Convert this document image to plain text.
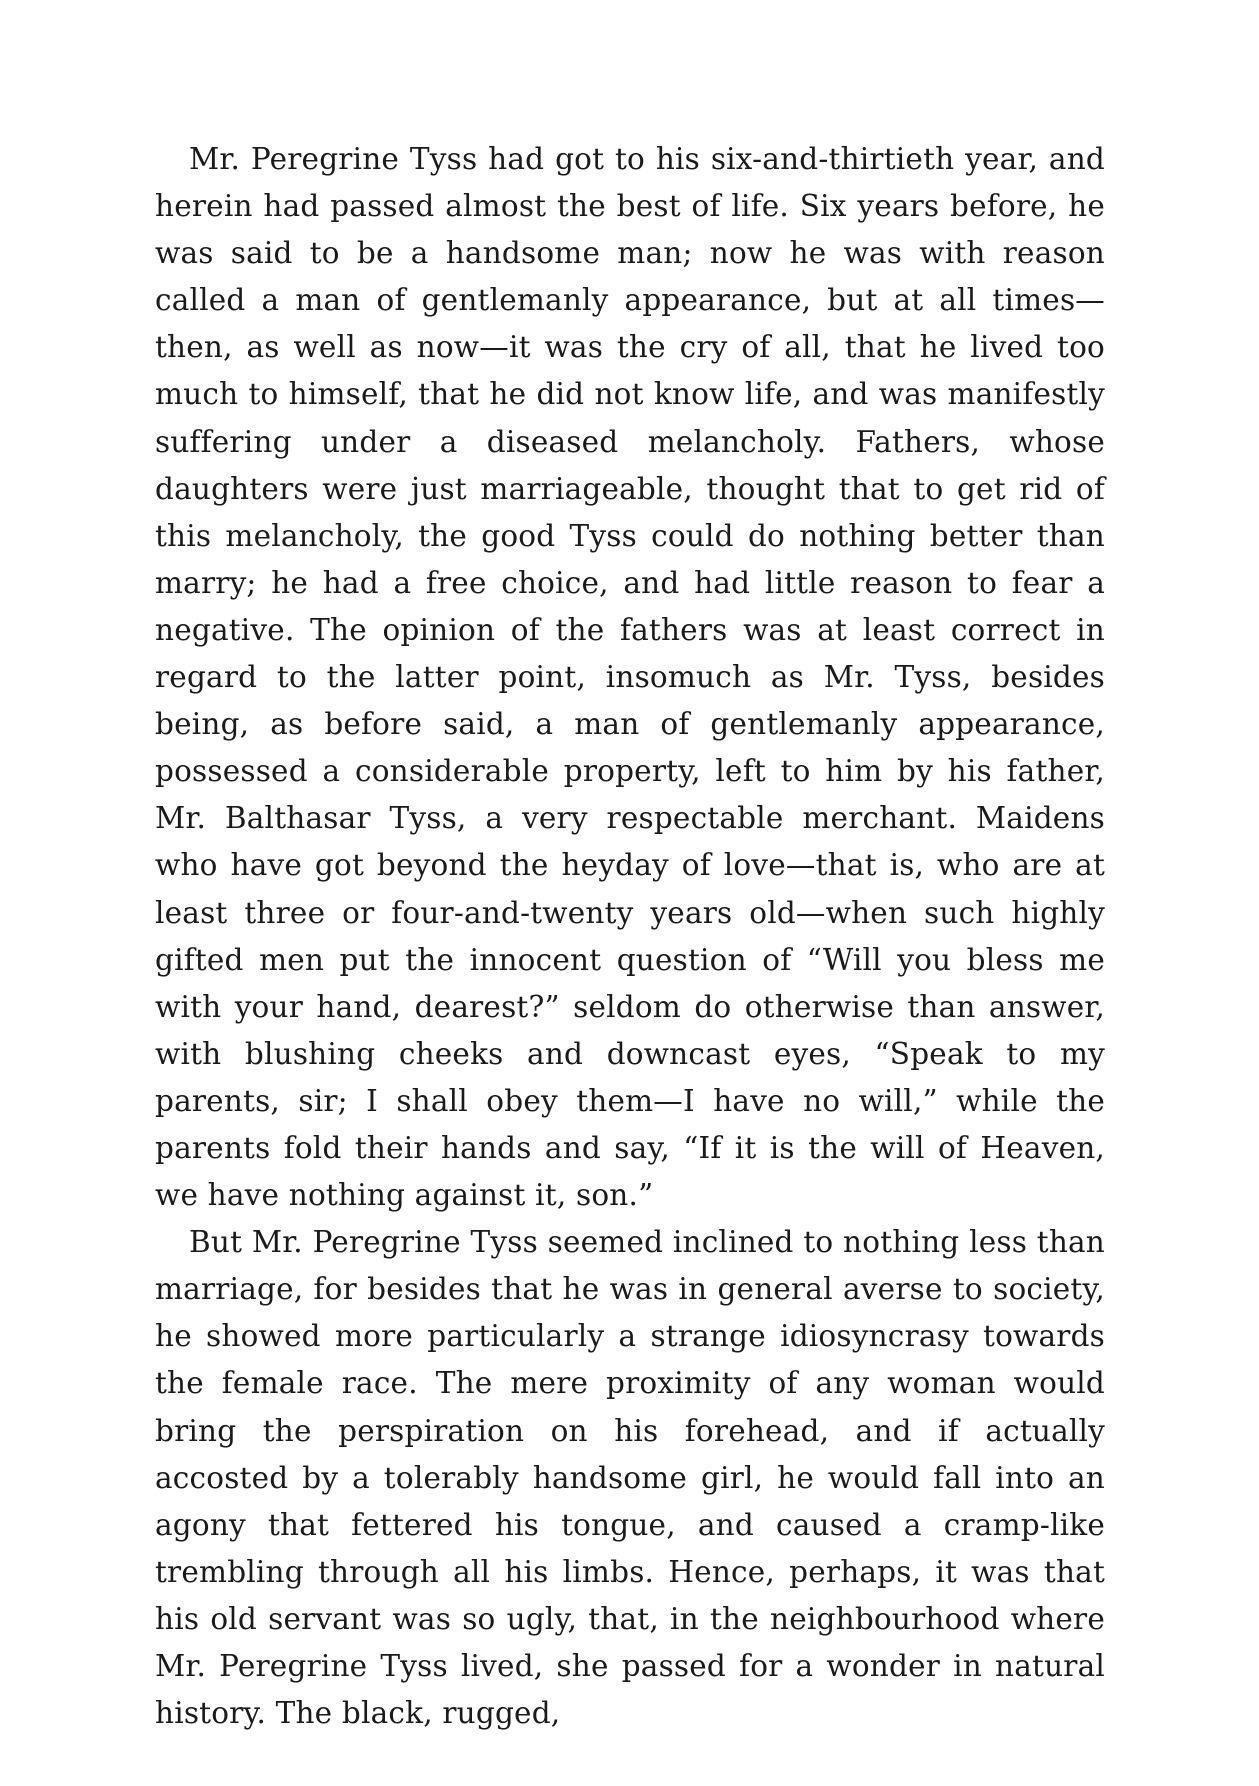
Mr. Peregrine Tyss had got to his six-and-thirtieth year, and herein had passed almost the best of life. Six years before, he was said to be a handsome man; now he was with reason called a man of gentlemanly appearance, but at all times—then, as well as now—it was the cry of all, that he lived too much to himself, that he did not know life, and was manifestly suffering under a diseased melancholy. Fathers, whose daughters were just marriageable, thought that to get rid of this melancholy, the good Tyss could do nothing better than marry; he had a free choice, and had little reason to fear a negative. The opinion of the fathers was at least correct in regard to the latter point, insomuch as Mr. Tyss, besides being, as before said, a man of gentlemanly appearance, possessed a considerable property, left to him by his father, Mr. Balthasar Tyss, a very respectable merchant. Maidens who have got beyond the heyday of love—that is, who are at least three or four-and-twenty years old—when such highly gifted men put the innocent question of “Will you bless me with your hand, dearest?” seldom do otherwise than answer, with blushing cheeks and downcast eyes, “Speak to my parents, sir; I shall obey them—I have no will,” while the parents fold their hands and say, “If it is the will of Heaven, we have nothing against it, son.”

But Mr. Peregrine Tyss seemed inclined to nothing less than marriage, for besides that he was in general averse to society, he showed more particularly a strange idiosyncrasy towards the female race. The mere proximity of any woman would bring the perspiration on his forehead, and if actually accosted by a tolerably handsome girl, he would fall into an agony that fettered his tongue, and caused a cramp-like trembling through all his limbs. Hence, perhaps, it was that his old servant was so ugly, that, in the neighbourhood where Mr. Peregrine Tyss lived, she passed for a wonder in natural history. The black, rugged,
